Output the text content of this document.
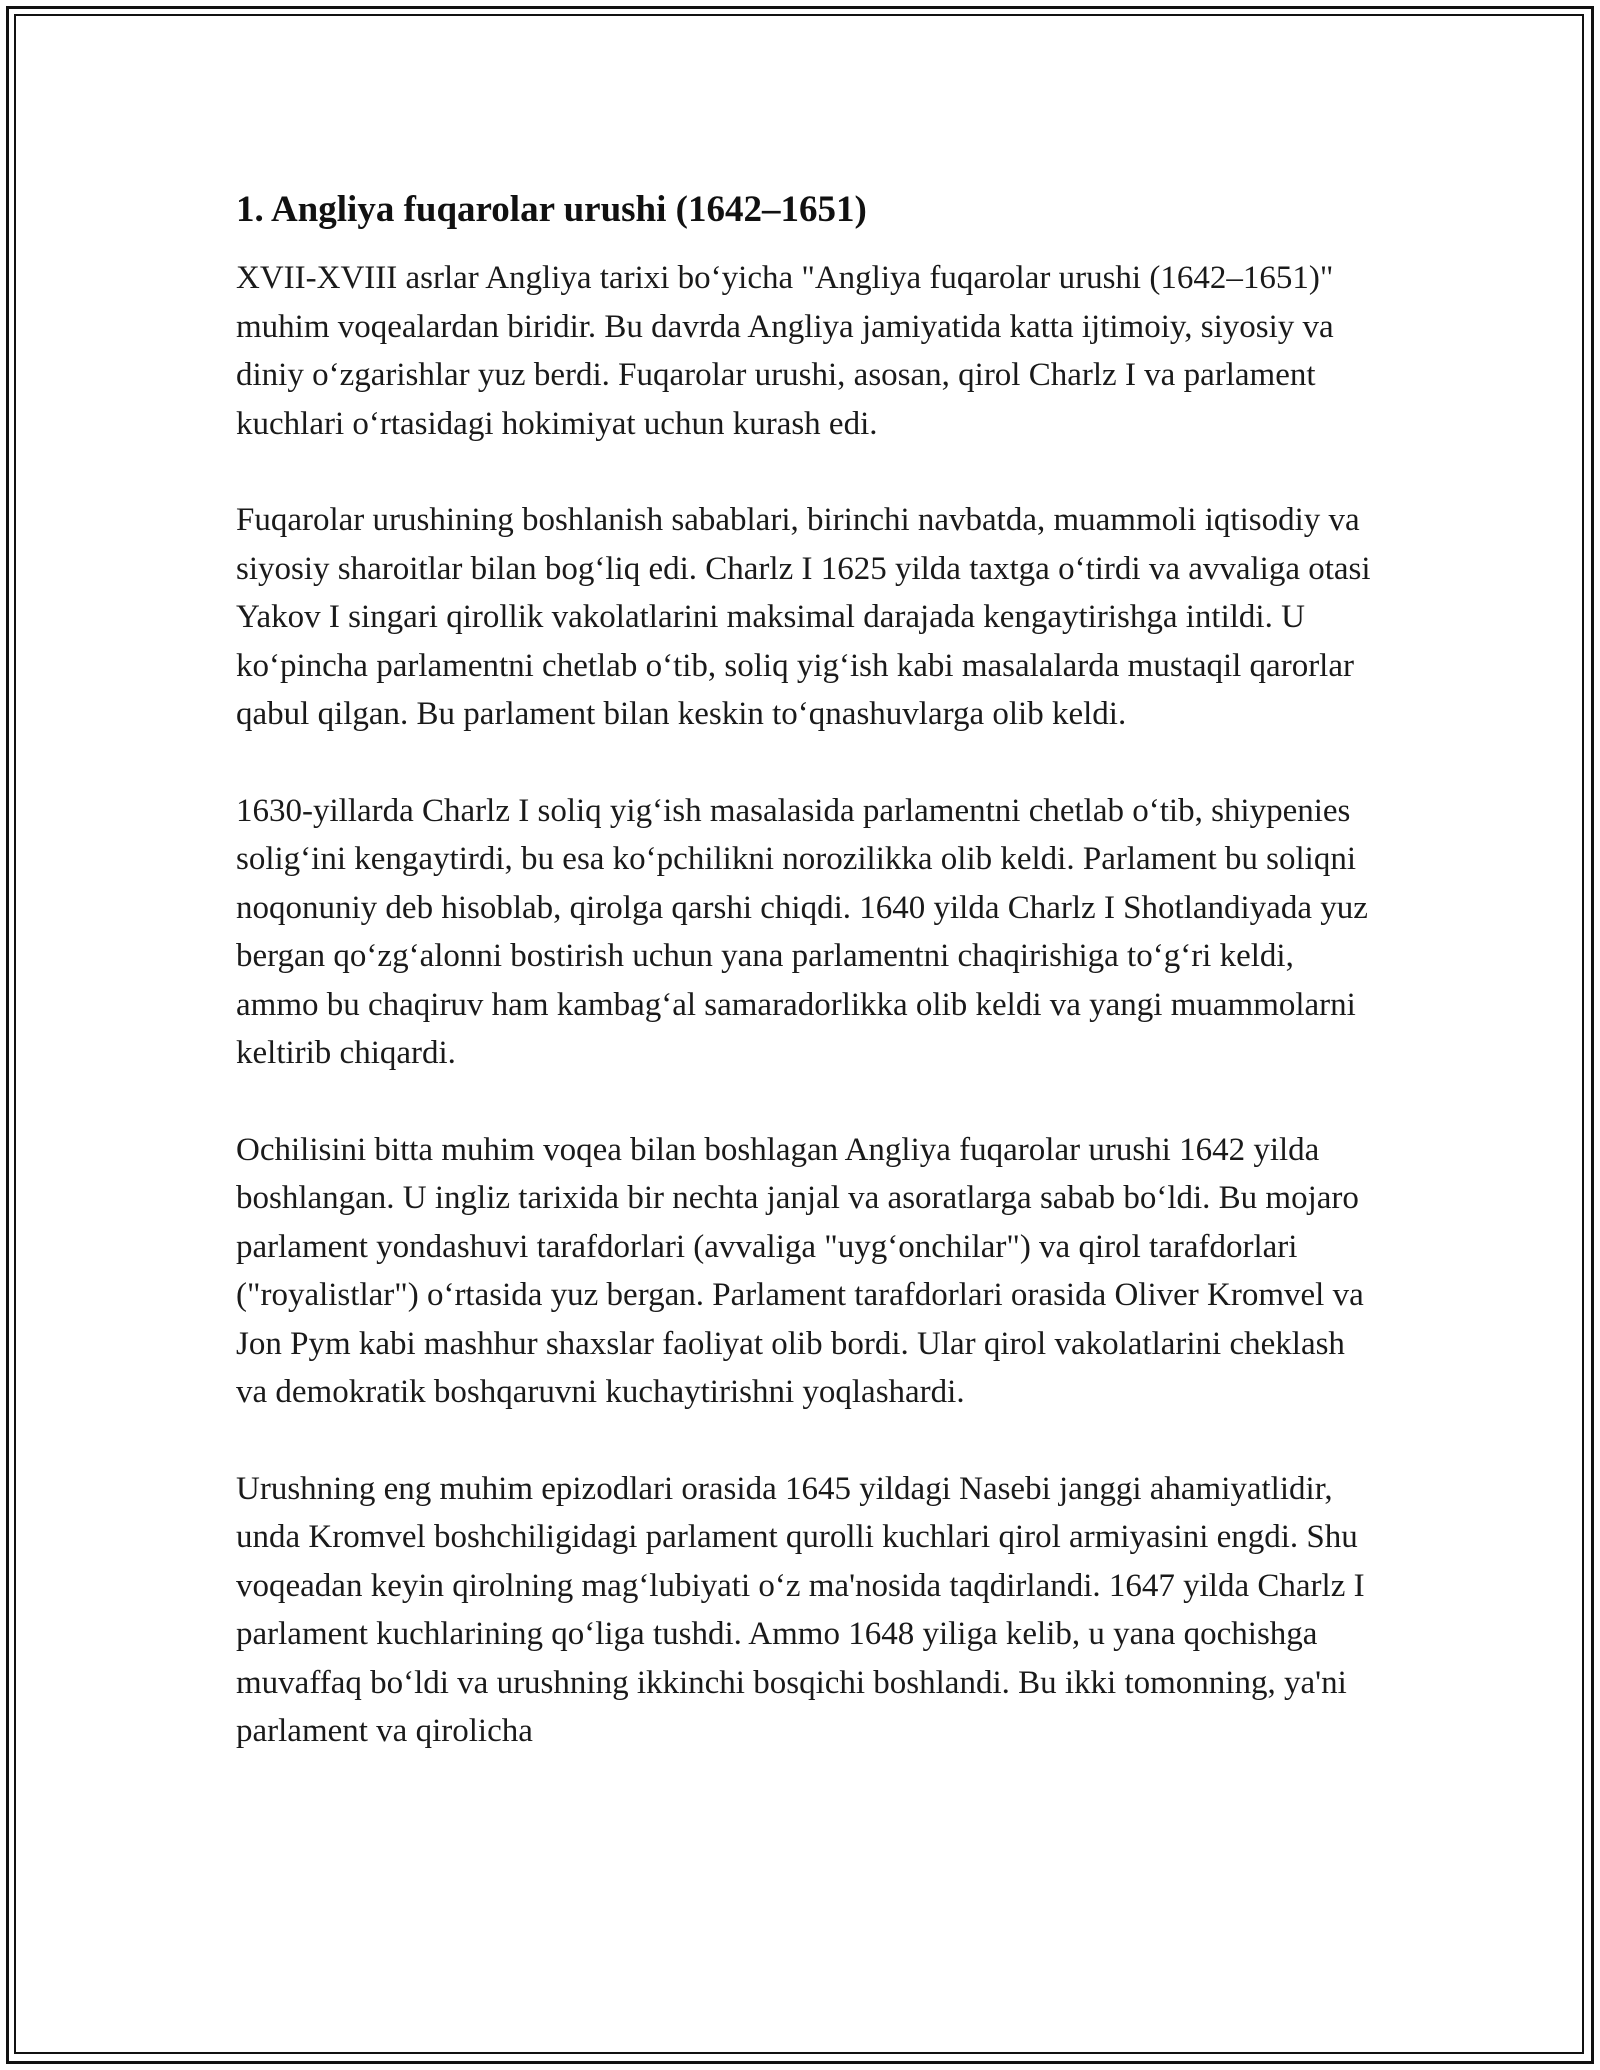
1. Angliya fuqarolar urushi (1642–1651)

XVII-XVIII asrlar Angliya tarixi bo‘yicha "Angliya fuqarolar urushi (1642–1651)" muhim voqealardan biridir. Bu davrda Angliya jamiyatida katta ijtimoiy, siyosiy va diniy o‘zgarishlar yuz berdi. Fuqarolar urushi, asosan, qirol Charlz I va parlament kuchlari o‘rtasidagi hokimiyat uchun kurash edi.

Fuqarolar urushining boshlanish sabablari, birinchi navbatda, muammoli iqtisodiy va siyosiy sharoitlar bilan bog‘liq edi. Charlz I 1625 yilda taxtga o‘tirdi va avvaliga otasi Yakov I singari qirollik vakolatlarini maksimal darajada kengaytirishga intildi. U ko‘pincha parlamentni chetlab o‘tib, soliq yig‘ish kabi masalalarda mustaqil qarorlar qabul qilgan. Bu parlament bilan keskin to‘qnashuvlarga olib keldi.

1630-yillarda Charlz I soliq yig‘ish masalasida parlamentni chetlab o‘tib, shiypenies solig‘ini kengaytirdi, bu esa ko‘pchilikni norozilikka olib keldi. Parlament bu soliqni noqonuniy deb hisoblab, qirolga qarshi chiqdi. 1640 yilda Charlz I Shotlandiyada yuz bergan qo‘zg‘alonni bostirish uchun yana parlamentni chaqirishiga to‘g‘ri keldi, ammo bu chaqiruv ham kambag‘al samaradorlikka olib keldi va yangi muammolarni keltirib chiqardi.

Ochilisini bitta muhim voqea bilan boshlagan Angliya fuqarolar urushi 1642 yilda boshlangan. U ingliz tarixida bir nechta janjal va asoratlarga sabab bo‘ldi. Bu mojaro parlament yondashuvi tarafdorlari (avvaliga "uyg‘onchilar") va qirol tarafdorlari ("royalistlar") o‘rtasida yuz bergan. Parlament tarafdorlari orasida Oliver Kromvel va Jon Pym kabi mashhur shaxslar faoliyat olib bordi. Ular qirol vakolatlarini cheklash va demokratik boshqaruvni kuchaytirishni yoqlashardi.

Urushning eng muhim epizodlari orasida 1645 yildagi Nasebi janggi ahamiyatlidir, unda Kromvel boshchiligidagi parlament qurolli kuchlari qirol armiyasini engdi. Shu voqeadan keyin qirolning mag‘lubiyati o‘z ma'nosida taqdirlandi. 1647 yilda Charlz I parlament kuchlarining qo‘liga tushdi. Ammo 1648 yiliga kelib, u yana qochishga muvaffaq bo‘ldi va urushning ikkinchi bosqichi boshlandi. Bu ikki tomonning, ya'ni parlament va qirolicha
